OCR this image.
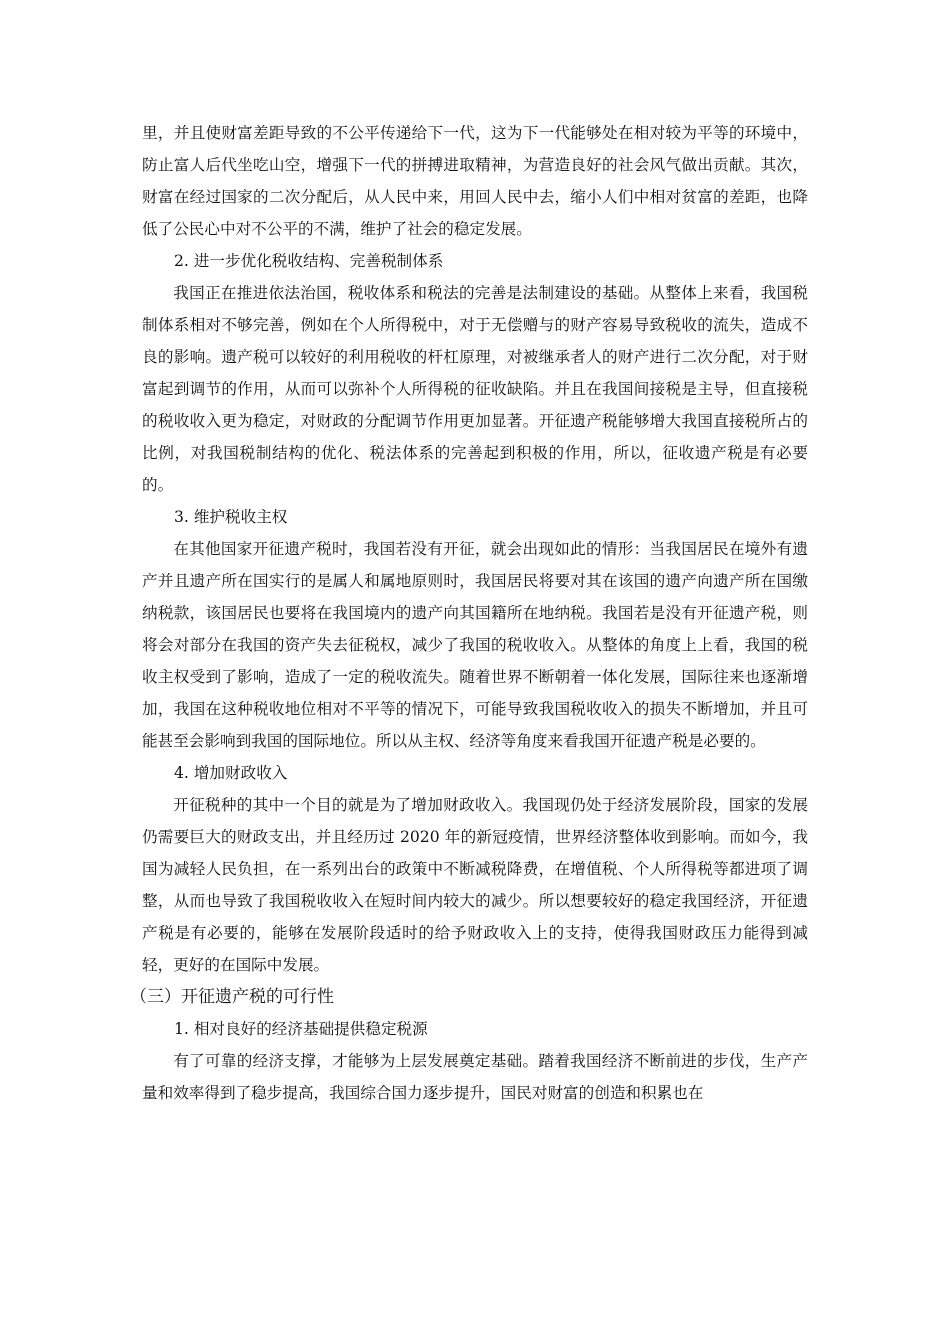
里，并且使财富差距导致的不公平传递给下一代，这为下一代能够处在相对较为平等的环境中，防止富人后代坐吃山空，增强下一代的拼搏进取精神，为营造良好的社会风气做出贡献。其次，财富在经过国家的二次分配后，从人民中来，用回人民中去，缩小人们中相对贫富的差距，也降低了公民心中对不公平的不满，维护了社会的稳定发展。

2. 进一步优化税收结构、完善税制体系

我国正在推进依法治国，税收体系和税法的完善是法制建设的基础。从整体上来看，我国税制体系相对不够完善，例如在个人所得税中，对于无偿赠与的财产容易导致税收的流失，造成不良的影响。遗产税可以较好的利用税收的杆杠原理，对被继承者人的财产进行二次分配，对于财富起到调节的作用，从而可以弥补个人所得税的征收缺陷。并且在我国间接税是主导，但直接税的税收收入更为稳定，对财政的分配调节作用更加显著。开征遗产税能够增大我国直接税所占的比例，对我国税制结构的优化、税法体系的完善起到积极的作用，所以，征收遗产税是有必要的。

3. 维护税收主权

在其他国家开征遗产税时，我国若没有开征，就会出现如此的情形：当我国居民在境外有遗产并且遗产所在国实行的是属人和属地原则时，我国居民将要对其在该国的遗产向遗产所在国缴纳税款，该国居民也要将在我国境内的遗产向其国籍所在地纳税。我国若是没有开征遗产税，则将会对部分在我国的资产失去征税权，减少了我国的税收收入。从整体的角度上上看，我国的税收主权受到了影响，造成了一定的税收流失。随着世界不断朝着一体化发展，国际往来也逐渐增加，我国在这种税收地位相对不平等的情况下，可能导致我国税收收入的损失不断增加，并且可能甚至会影响到我国的国际地位。所以从主权、经济等角度来看我国开征遗产税是必要的。

4. 增加财政收入

开征税种的其中一个目的就是为了增加财政收入。我国现仍处于经济发展阶段，国家的发展仍需要巨大的财政支出，并且经历过 2020 年的新冠疫情，世界经济整体收到影响。而如今，我国为减轻人民负担，在一系列出台的政策中不断减税降费，在增值税、个人所得税等都进项了调整，从而也导致了我国税收收入在短时间内较大的减少。所以想要较好的稳定我国经济，开征遗产税是有必要的，能够在发展阶段适时的给予财政收入上的支持，使得我国财政压力能得到减轻，更好的在国际中发展。

（三）开征遗产税的可行性

1. 相对良好的经济基础提供稳定税源

有了可靠的经济支撑，才能够为上层发展奠定基础。踏着我国经济不断前进的步伐，生产产量和效率得到了稳步提高，我国综合国力逐步提升，国民对财富的创造和积累也在
